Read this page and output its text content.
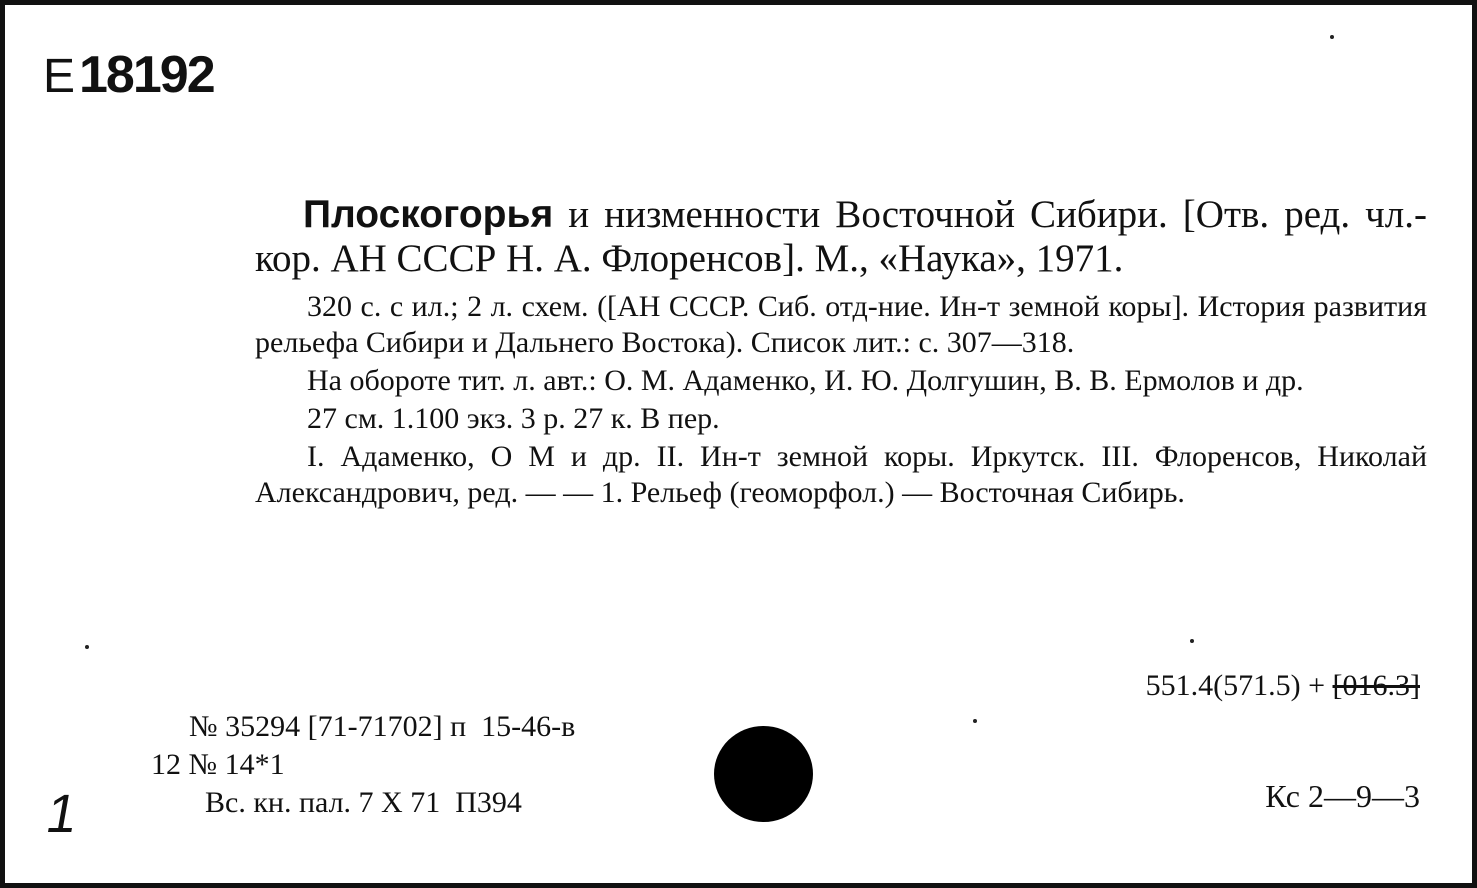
Е 18192
Плоскогорья и низменности Восточной Сибири. [Отв. ред. чл.-кор. АН СССР Н. А. Флоренсов]. М., «Наука», 1971.

320 с. с ил.; 2 л. схем. ([АН СССР. Сиб. отд-ние. Ин-т земной коры]. История развития рельефа Сибири и Дальнего Востока). Список лит.: с. 307—318.

На обороте тит. л. авт.: О. М. Адаменко, И. Ю. Долгушин, В. В. Ермолов и др.

27 см. 1.100 экз. 3 р. 27 к. В пер.

I. Адаменко, О М и др. II. Ин-т земной коры. Иркутск. III. Флоренсов, Николай Александрович, ред. — — 1. Рельеф (геоморфол.) — Восточная Сибирь.

551.4(571.5) + [016.3]
№ 35294 [71-71702] п  15-46-в
12 № 14*1
Вс. кн. пал. 7 Х 71  П394
1	Кс 2—9—3
